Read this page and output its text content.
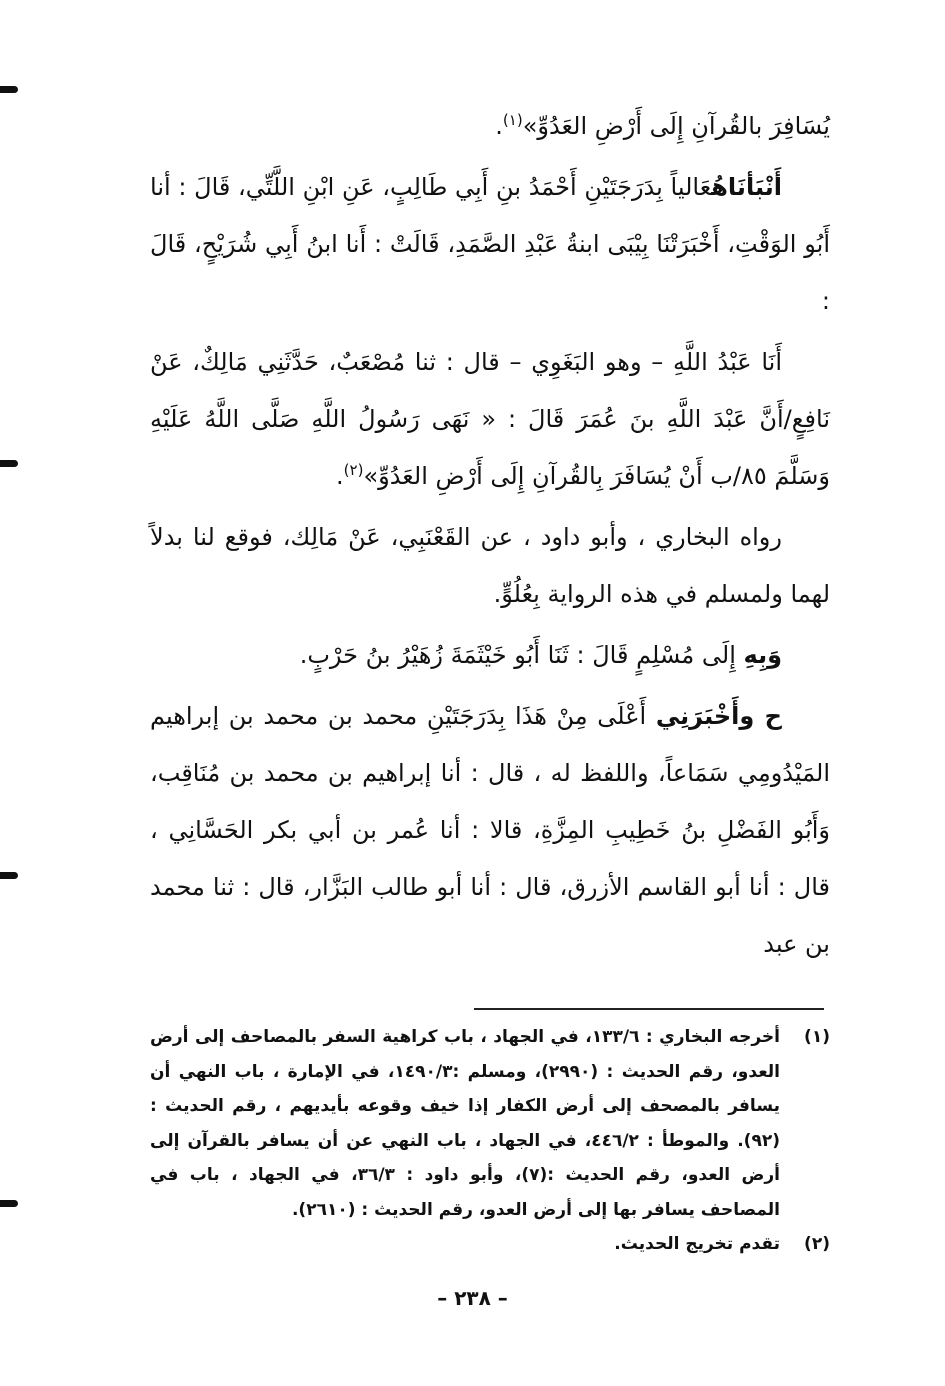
يُسَافِرَ بالقُرآنِ إِلَى أَرْضِ العَدُوِّ»$^{(١)}$.

أَنْبَأنَاهُعَالياً بِدَرَجَتَيْنِ أَحْمَدُ بنِ أَبِي طَالِبٍ، عَنِ ابْنِ اللَّتِّي، قَالَ : أنا أَبُو الوَقْتِ، أَخْبَرَتْنَا بِيْبَى ابنةُ عَبْدِ الصَّمَدِ، قَالَتْ : أَنا ابنُ أَبِي شُرَيْحٍ، قَالَ :

أَنَا عَبْدُ اللَّهِ – وهو البَغَوِي – قال : ثنا مُصْعَبٌ، حَدَّثَنِي مَالِكٌ، عَنْ نَافِعٍ/أَنَّ عَبْدَ اللَّهِ بنَ عُمَرَ قَالَ : « نَهَى رَسُولُ اللَّهِ صَلَّى اللَّهُ عَلَيْهِ وَسَلَّمَ ٨٥/ب أَنْ يُسَافَرَ بِالقُرآنِ إِلَى أَرْضِ العَدُوِّ»$^{(٢)}$.

رواه البخاري ، وأبو داود ، عن القَعْنَبِي، عَنْ مَالِك، فوقع لنا بدلاً لهما ولمسلم في هذه الرواية بِعُلُوٍّ.

وَبِهِ إِلَى مُسْلِمٍ قَالَ : ثَنَا أَبُو خَيْثَمَةَ زُهَيْرُ بنُ حَرْبٍ.

ح وأَخْبَرَنِي أَعْلَى مِنْ هَذَا بِدَرَجَتَيْنِ محمد بن محمد بن إبراهيم المَيْدُومِي سَمَاعاً، واللفظ له ، قال : أنا إبراهيم بن محمد بن مُنَاقِب، وَأَبُو الفَضْلِ بنُ خَطِيبِ المِزَّةِ، قالا : أنا عُمر بن أبي بكر الحَسَّانِي ، قال : أنا أبو القاسم الأزرق، قال : أنا أبو طالب البَزَّار، قال : ثنا محمد بن عبد

(١)
أخرجه البخاري : ١٣٣/٦، في الجهاد ، باب كراهية السفر بالمصاحف إلى أرض العدو، رقم الحديث : (٢٩٩٠)، ومسلم :١٤٩٠/٣، في الإمارة ، باب النهي أن يسافر بالمصحف إلى أرض الكفار إذا خيف وقوعه بأيديهم ، رقم الحديث : (٩٢). والموطأ : ٤٤٦/٢، في الجهاد ، باب النهي عن أن يسافر بالقرآن إلى أرض العدو، رقم الحديث :(٧)، وأبو داود : ٣٦/٣، في الجهاد ، باب في المصاحف يسافر بها إلى أرض العدو، رقم الحديث : (٢٦١٠).
(٢)
تقدم تخريج الحديث.
– ٢٣٨ –
